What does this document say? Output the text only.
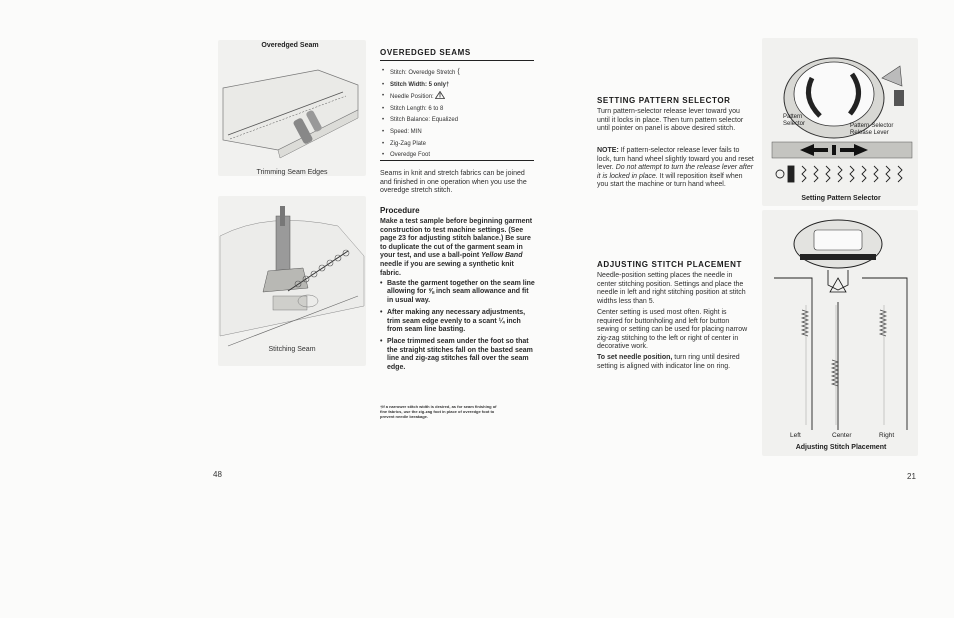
Overedged Seam
Trimming Seam Edges
Stitching Seam
48
OVEREDGED SEAMS
• Stitch: Overedge Stretch ⟨
• Stitch Width: 5 only†
• Needle Position:
• Stitch Length: 6 to 8
• Stitch Balance: Equalized
• Speed: MIN
• Zig-Zag Plate
• Overedge Foot
Seams in knit and stretch fabrics can be joined and finished in one operation when you use the overedge stretch stitch.
Procedure
Make a test sample before beginning garment construction to test machine settings. (See page 23 for adjusting stitch balance.) Be sure to duplicate the cut of the garment seam in your test, and use a ball-point Yellow Band needle if you are sewing a synthetic knit fabric.
• Baste the garment together on the seam line allowing for ⅝ inch seam allowance and fit in usual way.
• After making any necessary adjustments, trim seam edge evenly to a scant ¼ inch from seam line basting.
• Place trimmed seam under the foot so that the straight stitches fall on the basted seam line and zig-zag stitches fall over the seam edge.
†If a narrower stitch width is desired, as for seam finishing of fine fabrics, use the zig-zag foot in place of overedge foot to prevent needle breakage.
SETTING PATTERN SELECTOR
Turn pattern-selector release lever toward you until it locks in place. Then turn pattern selector until pointer on panel is above desired stitch.
NOTE: If pattern-selector release lever fails to lock, turn hand wheel slightly toward you and reset lever. Do not attempt to turn the release lever after it is locked in place. It will reposition itself when you start the machine or turn hand wheel.
ADJUSTING STITCH PLACEMENT
Needle-position setting places the needle in center stitching position. Settings and place the needle in left and right stitching position at stitch widths less than 5.
Center setting is used most often. Right is required for buttonholing and left for button sewing or setting can be used for placing narrow zig-zag stitching to the left or right of center in decorative work.
To set needle position, turn ring until desired setting is aligned with indicator line on ring.
Pattern Selector	Pattern-Selector Release Lever
Setting Pattern Selector
Left	Center	Right
Adjusting Stitch Placement
21
